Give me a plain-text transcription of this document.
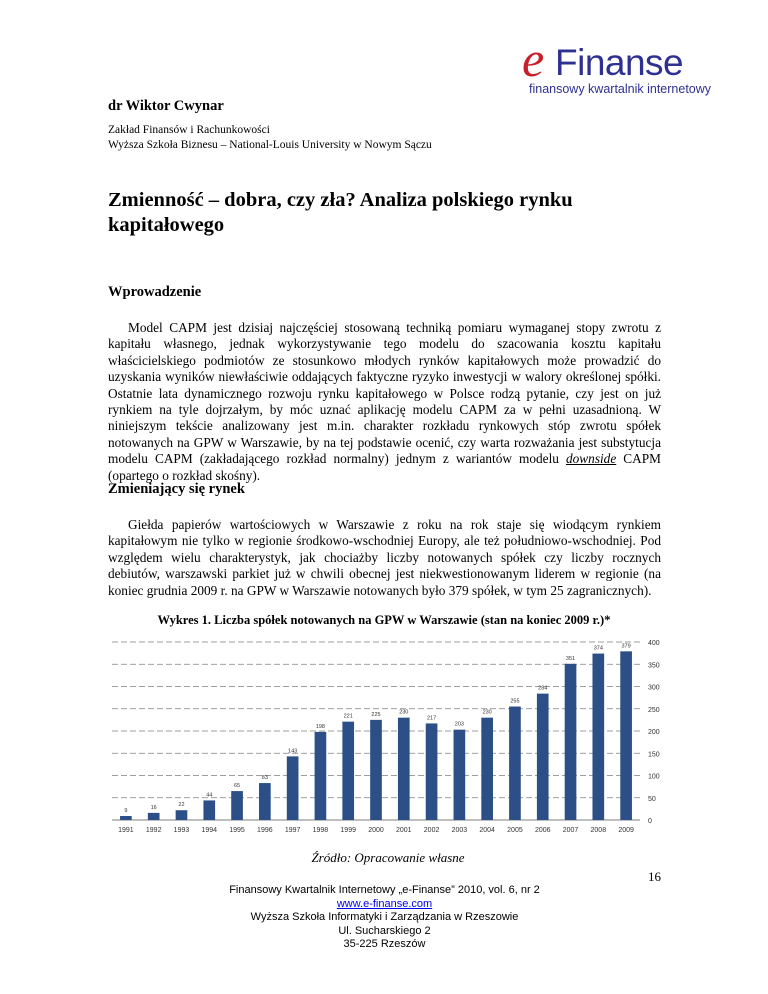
e Finanse
finansowy kwartalnik internetowy
dr Wiktor Cwynar
Zakład Finansów i Rachunkowości
Wyższa Szkoła Biznesu – National-Louis University w Nowym Sączu
Zmienność – dobra, czy zła? Analiza polskiego rynku kapitałowego
Wprowadzenie

Model CAPM jest dzisiaj najczęściej stosowaną techniką pomiaru wymaganej stopy zwrotu z kapitału własnego, jednak wykorzystywanie tego modelu do szacowania kosztu kapitału właścicielskiego podmiotów ze stosunkowo młodych rynków kapitałowych może prowadzić do uzyskania wyników niewłaściwie oddających faktyczne ryzyko inwestycji w walory określonej spółki. Ostatnie lata dynamicznego rozwoju rynku kapitałowego w Polsce rodzą pytanie, czy jest on już rynkiem na tyle dojrzałym, by móc uznać aplikację modelu CAPM za w pełni uzasadnioną. W niniejszym tekście analizowany jest m.in. charakter rozkładu rynkowych stóp zwrotu spółek notowanych na GPW w Warszawie, by na tej podstawie ocenić, czy warta rozważania jest substytucja modelu CAPM (zakładającego rozkład normalny) jednym z wariantów modelu downside CAPM (opartego o rozkład skośny).

Zmieniający się rynek

Giełda papierów wartościowych w Warszawie z roku na rok staje się wiodącym rynkiem kapitałowym nie tylko w regionie środkowo-wschodniej Europy, ale też południowo-wschodniej. Pod względem wielu charakterystyk, jak chociażby liczby notowanych spółek czy liczby rocznych debiutów, warszawski parkiet już w chwili obecnej jest niekwestionowanym liderem w regionie (na koniec grudnia 2009 r. na GPW w Warszawie notowanych było 379 spółek, w tym 25 zagranicznych).

Wykres 1. Liczba spółek notowanych na GPW w Warszawie (stan na koniec 2009 r.)*
0
50
100
150
200
250
300
350
400
9
1991
16
1992
22
1993
44
1994
65
1995
83
1996
143
1997
198
1998
221
1999
225
2000
230
2001
217
2002
203
2003
230
2004
255
2005
284
2006
351
2007
374
2008
379
2009
Źródło: Opracowanie własne
16
Finansowy Kwartalnik Internetowy „e-Finanse” 2010, vol. 6, nr 2
www.e-finanse.com
Wyższa Szkoła Informatyki i Zarządzania w Rzeszowie
Ul. Sucharskiego 2
35-225 Rzeszów
